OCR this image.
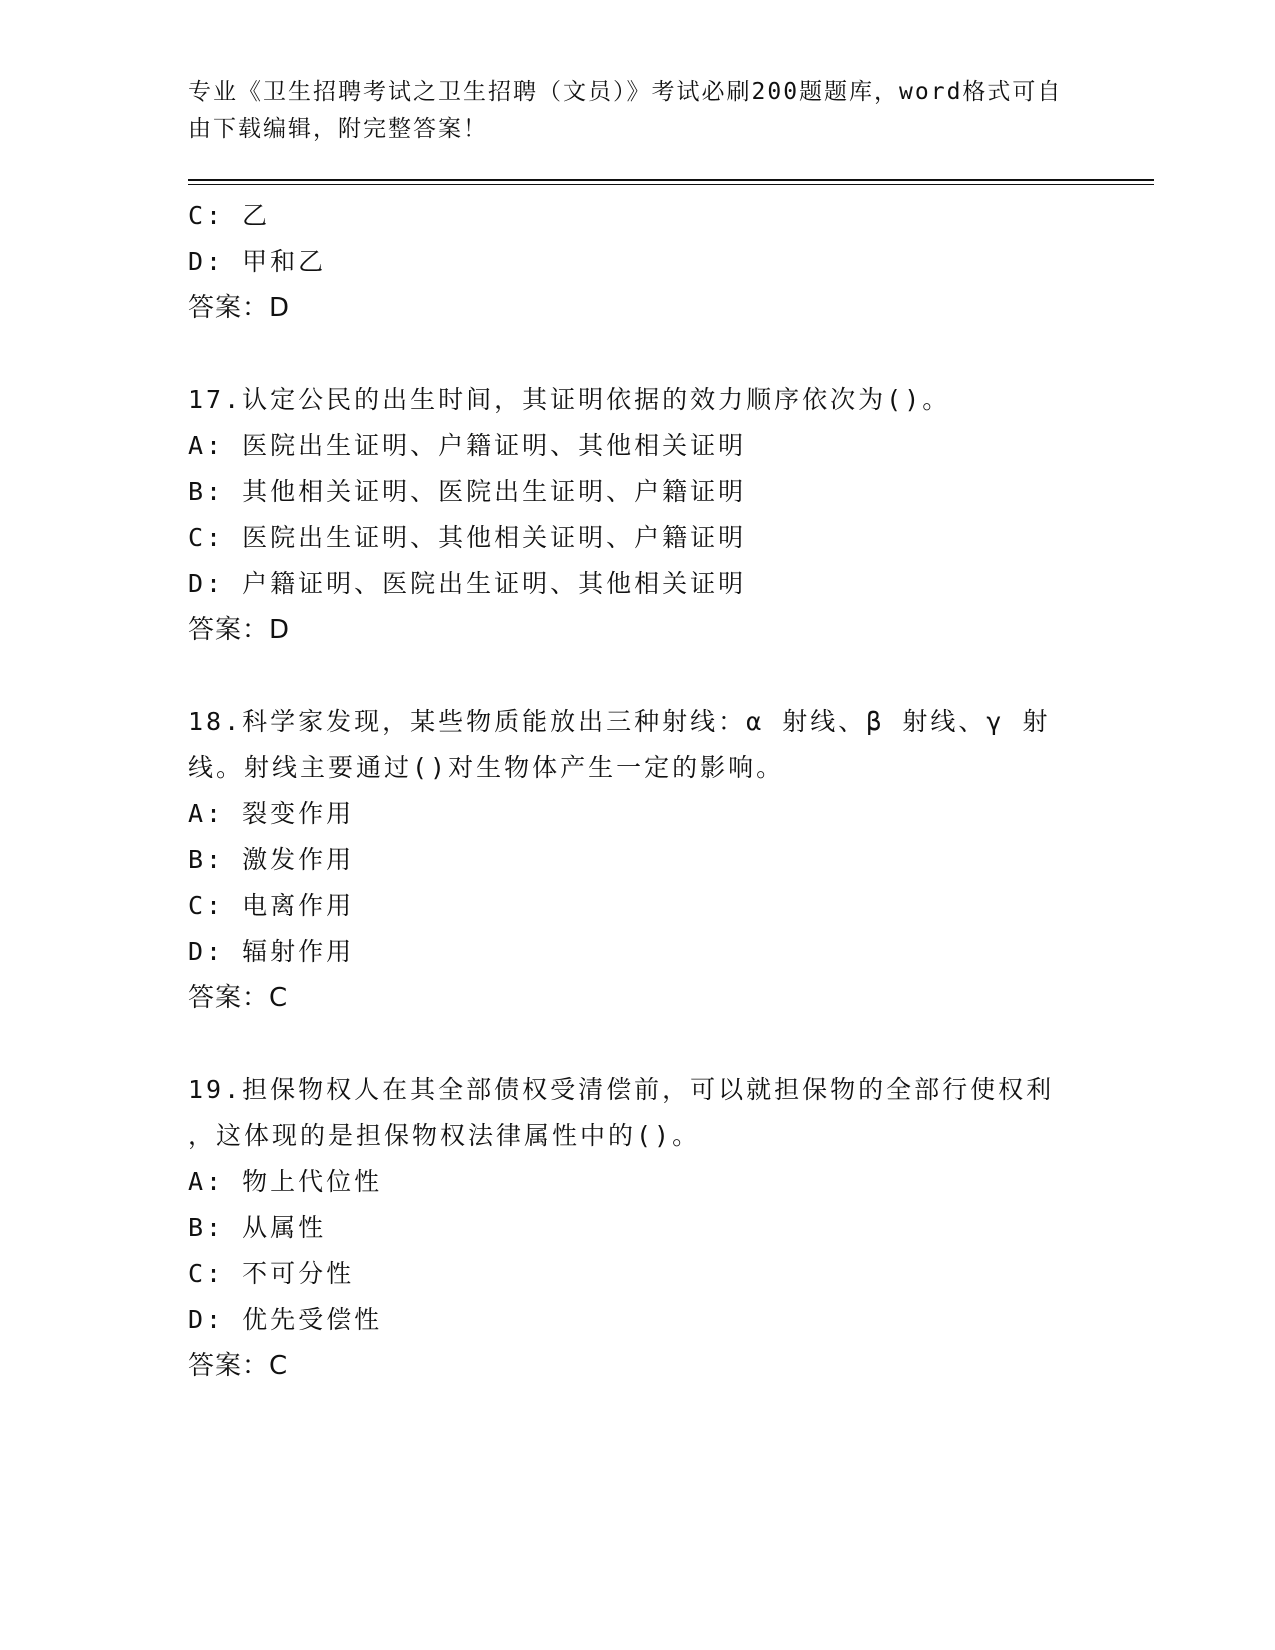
专业《卫生招聘考试之卫生招聘（文员）》考试必刷200题题库，word格式可自
由下载编辑，附完整答案！
C: 乙
D: 甲和乙
答案：D
17.认定公民的出生时间，其证明依据的效力顺序依次为()。
A: 医院出生证明、户籍证明、其他相关证明
B: 其他相关证明、医院出生证明、户籍证明
C: 医院出生证明、其他相关证明、户籍证明
D: 户籍证明、医院出生证明、其他相关证明
答案：D
18.科学家发现，某些物质能放出三种射线：α 射线、β 射线、γ 射
线。射线主要通过()对生物体产生一定的影响。
A: 裂变作用
B: 激发作用
C: 电离作用
D: 辐射作用
答案：C
19.担保物权人在其全部债权受清偿前，可以就担保物的全部行使权利
，这体现的是担保物权法律属性中的()。
A: 物上代位性
B: 从属性
C: 不可分性
D: 优先受偿性
答案：C
